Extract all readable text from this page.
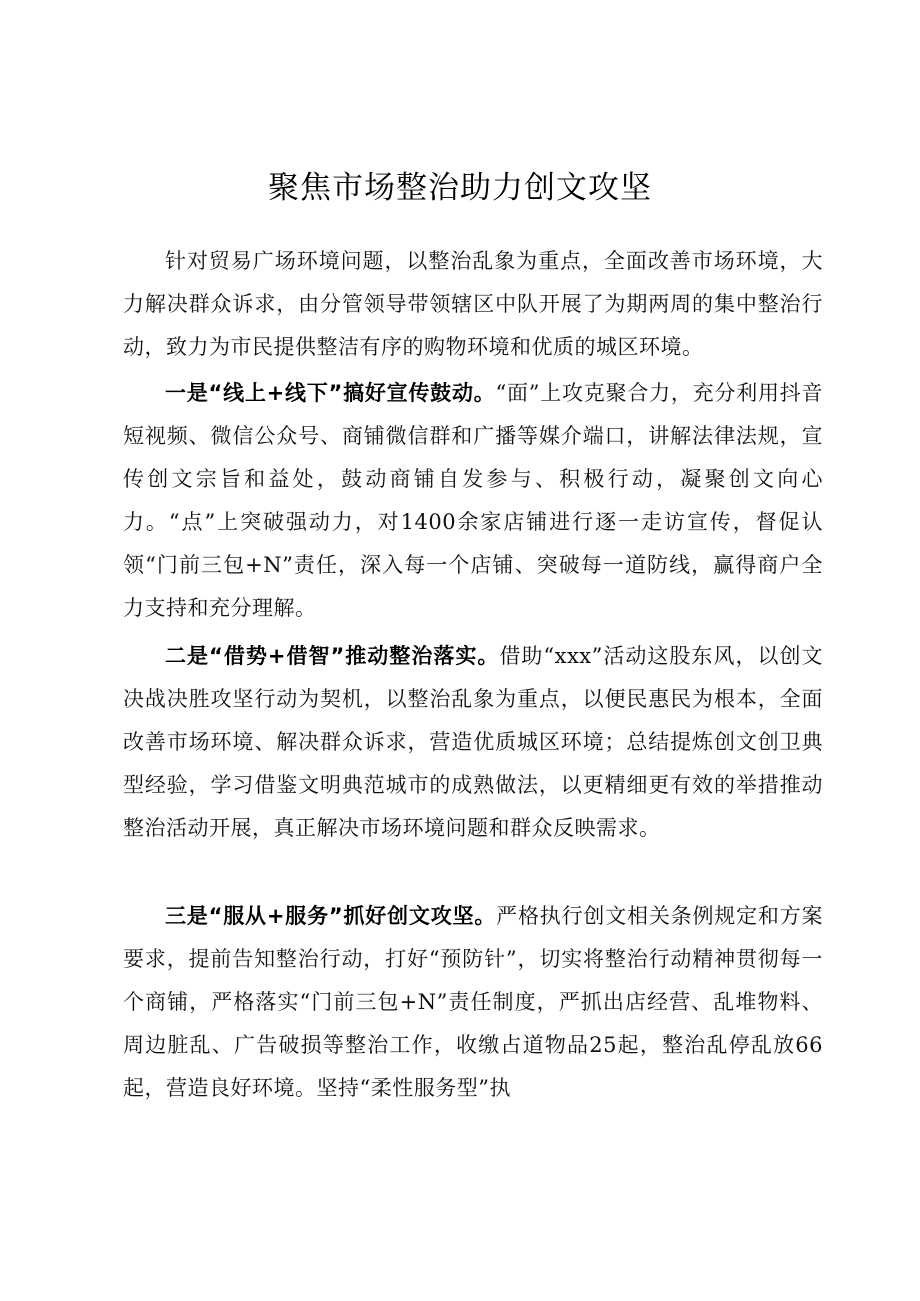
聚焦市场整治助力创文攻坚

针对贸易广场环境问题，以整治乱象为重点，全面改善市场环境，大力解决群众诉求，由分管领导带领辖区中队开展了为期两周的集中整治行动，致力为市民提供整洁有序的购物环境和优质的城区环境。

一是“线上+线下”搞好宣传鼓动。“面”上攻克聚合力，充分利用抖音短视频、微信公众号、商铺微信群和广播等媒介端口，讲解法律法规，宣传创文宗旨和益处，鼓动商铺自发参与、积极行动，凝聚创文向心力。“点”上突破强动力，对1400余家店铺进行逐一走访宣传，督促认领“门前三包+N”责任，深入每一个店铺、突破每一道防线，赢得商户全力支持和充分理解。

二是“借势+借智”推动整治落实。借助“xxx”活动这股东风，以创文决战决胜攻坚行动为契机，以整治乱象为重点，以便民惠民为根本，全面改善市场环境、解决群众诉求，营造优质城区环境；总结提炼创文创卫典型经验，学习借鉴文明典范城市的成熟做法，以更精细更有效的举措推动整治活动开展，真正解决市场环境问题和群众反映需求。

三是“服从+服务”抓好创文攻坚。严格执行创文相关条例规定和方案要求，提前告知整治行动，打好“预防针”，切实将整治行动精神贯彻每一个商铺，严格落实“门前三包+N”责任制度，严抓出店经营、乱堆物料、周边脏乱、广告破损等整治工作，收缴占道物品25起，整治乱停乱放66起，营造良好环境。坚持“柔性服务型”执
